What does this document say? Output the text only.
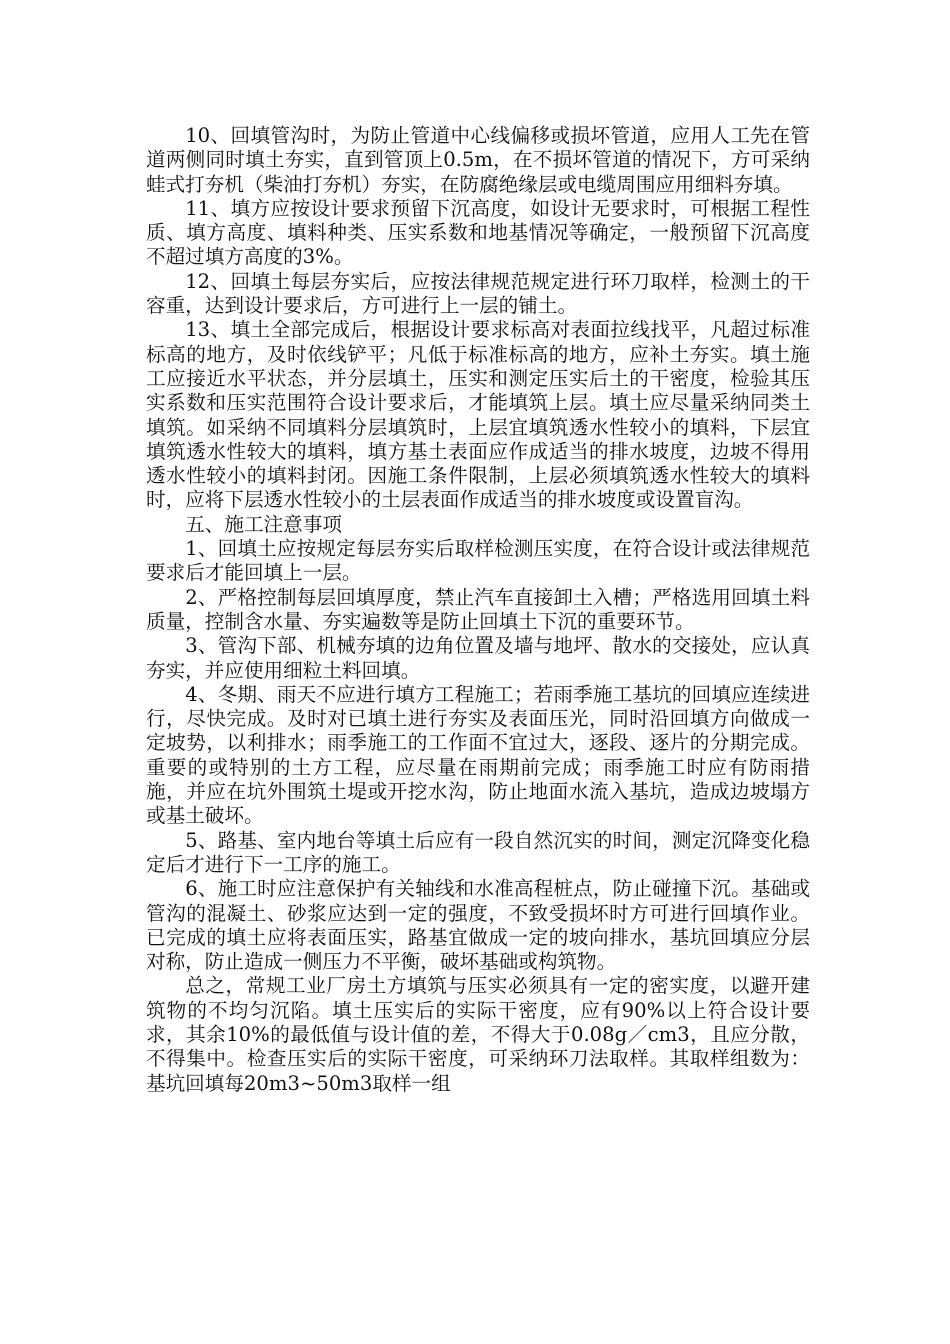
10、回填管沟时，为防止管道中心线偏移或损坏管道，应用人工先在管道两侧同时填土夯实，直到管顶上0.5m，在不损坏管道的情况下，方可采纳蛙式打夯机（柴油打夯机）夯实，在防腐绝缘层或电缆周围应用细料夯填。

11、填方应按设计要求预留下沉高度，如设计无要求时，可根据工程性质、填方高度、填料种类、压实系数和地基情况等确定，一般预留下沉高度不超过填方高度的3%。

12、回填土每层夯实后，应按法律规范规定进行环刀取样，检测土的干容重，达到设计要求后，方可进行上一层的铺土。

13、填土全部完成后，根据设计要求标高对表面拉线找平，凡超过标准标高的地方，及时依线铲平；凡低于标准标高的地方，应补土夯实。填土施工应接近水平状态，并分层填土，压实和测定压实后土的干密度，检验其压实系数和压实范围符合设计要求后，才能填筑上层。填土应尽量采纳同类土填筑。如采纳不同填料分层填筑时，上层宜填筑透水性较小的填料，下层宜填筑透水性较大的填料，填方基土表面应作成适当的排水坡度，边坡不得用透水性较小的填料封闭。因施工条件限制，上层必须填筑透水性较大的填料时，应将下层透水性较小的土层表面作成适当的排水坡度或设置盲沟。

五、施工注意事项

1、回填土应按规定每层夯实后取样检测压实度，在符合设计或法律规范要求后才能回填上一层。

2、严格控制每层回填厚度，禁止汽车直接卸土入槽；严格选用回填土料质量，控制含水量、夯实遍数等是防止回填土下沉的重要环节。

3、管沟下部、机械夯填的边角位置及墙与地坪、散水的交接处，应认真夯实，并应使用细粒土料回填。

4、冬期、雨天不应进行填方工程施工；若雨季施工基坑的回填应连续进行，尽快完成。及时对已填土进行夯实及表面压光，同时沿回填方向做成一定坡势，以利排水；雨季施工的工作面不宜过大，逐段、逐片的分期完成。重要的或特别的土方工程，应尽量在雨期前完成；雨季施工时应有防雨措施，并应在坑外围筑土堤或开挖水沟，防止地面水流入基坑，造成边坡塌方或基土破坏。

5、路基、室内地台等填土后应有一段自然沉实的时间，测定沉降变化稳定后才进行下一工序的施工。

6、施工时应注意保护有关轴线和水准高程桩点，防止碰撞下沉。基础或管沟的混凝土、砂浆应达到一定的强度，不致受损坏时方可进行回填作业。已完成的填土应将表面压实，路基宜做成一定的坡向排水，基坑回填应分层对称，防止造成一侧压力不平衡，破坏基础或构筑物。

总之，常规工业厂房土方填筑与压实必须具有一定的密实度，以避开建筑物的不均匀沉陷。填土压实后的实际干密度，应有90%以上符合设计要求，其余10%的最低值与设计值的差，不得大于0.08g／cm3，且应分散，不得集中。检查压实后的实际干密度，可采纳环刀法取样。其取样组数为：基坑回填每20m3~50m3取样一组
